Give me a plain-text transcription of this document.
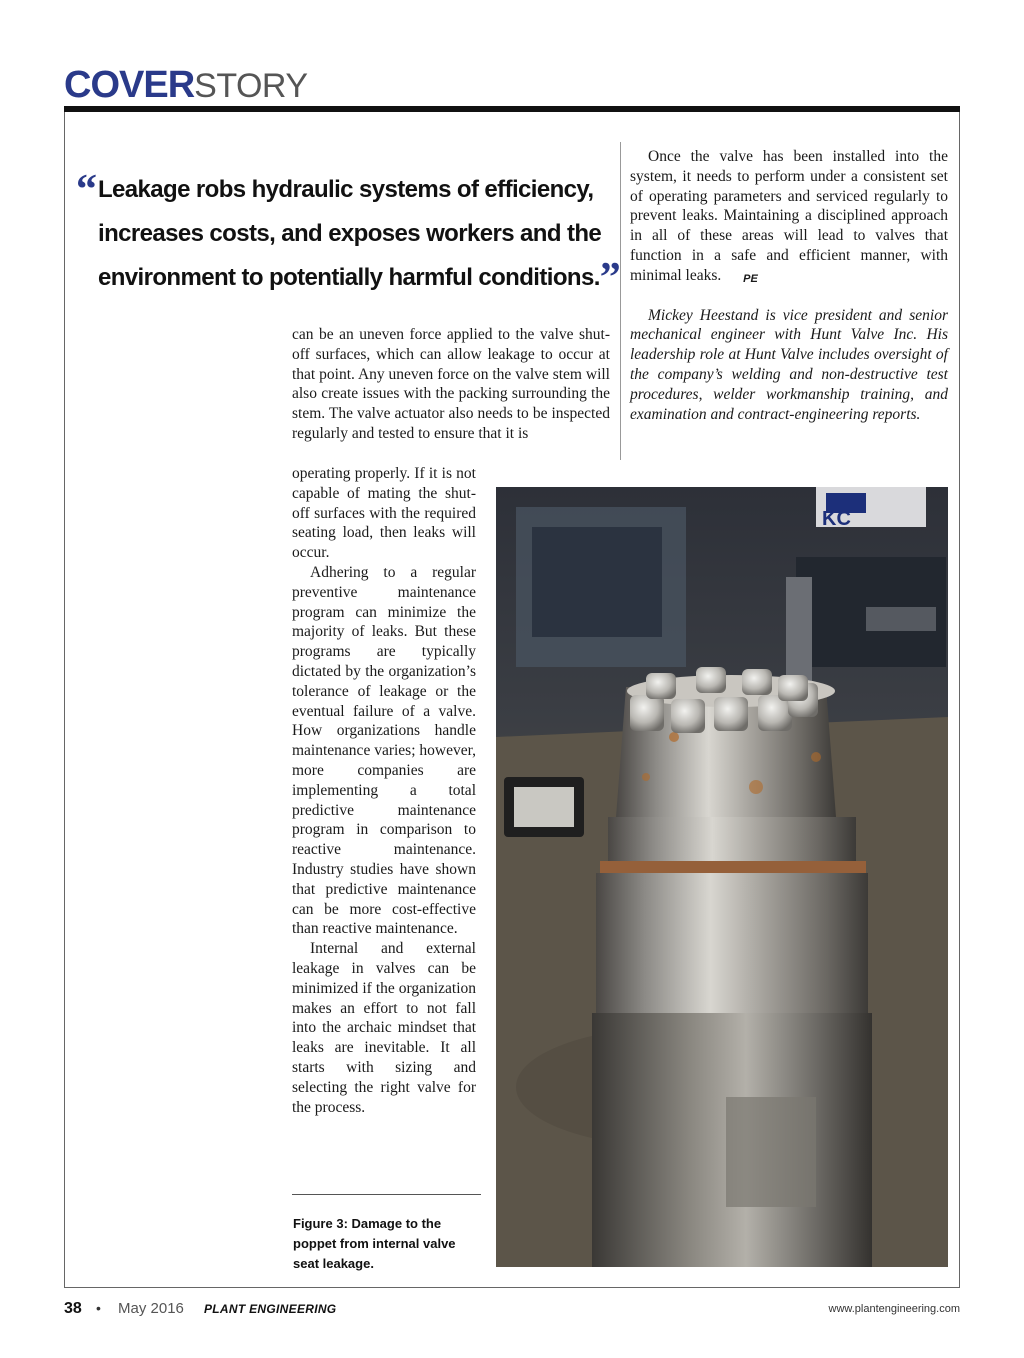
COVERSTORY
“ Leakage robs hydraulic systems of efficiency,
increases costs, and exposes workers and the
environment to potentially harmful conditions.”

can be an uneven force applied to the valve shut-off surfaces, which can allow leakage to occur at that point. Any uneven force on the valve stem will also create issues with the packing surrounding the stem. The valve actuator also needs to be inspected regularly and tested to ensure that it is

operating properly. If it is not capable of mating the shut-off surfaces with the required seating load, then leaks will occur.

Adhering to a regular preventive maintenance program can minimize the majority of leaks. But these programs are typically dictated by the organization’s tolerance of leakage or the eventual failure of a valve. How organizations handle maintenance varies; however, more companies are implementing a total predictive maintenance program in comparison to reactive maintenance. Industry studies have shown that predictive maintenance can be more cost-effective than reactive maintenance.

Internal and external leakage in valves can be minimized if the organization makes an effort to not fall into the archaic mindset that leaks are inevitable. It all starts with sizing and selecting the right valve for the process.

Once the valve has been installed into the system, it needs to perform under a consistent set of operating parameters and serviced regularly to prevent leaks. Maintaining a disciplined approach in all of these areas will lead to valves that function in a safe and efficient manner, with minimal leaks. PE

Mickey Heestand is vice president and senior mechanical engineer with Hunt Valve Inc. His leadership role at Hunt Valve includes oversight of the company’s welding and non-destructive test procedures, welder workmanship training, and examination and contract-engineering reports.

KC
Figure 3: Damage to the poppet from internal valve seat leakage.
38 • May 2016 PLANT ENGINEERING	www.plantengineering.com
